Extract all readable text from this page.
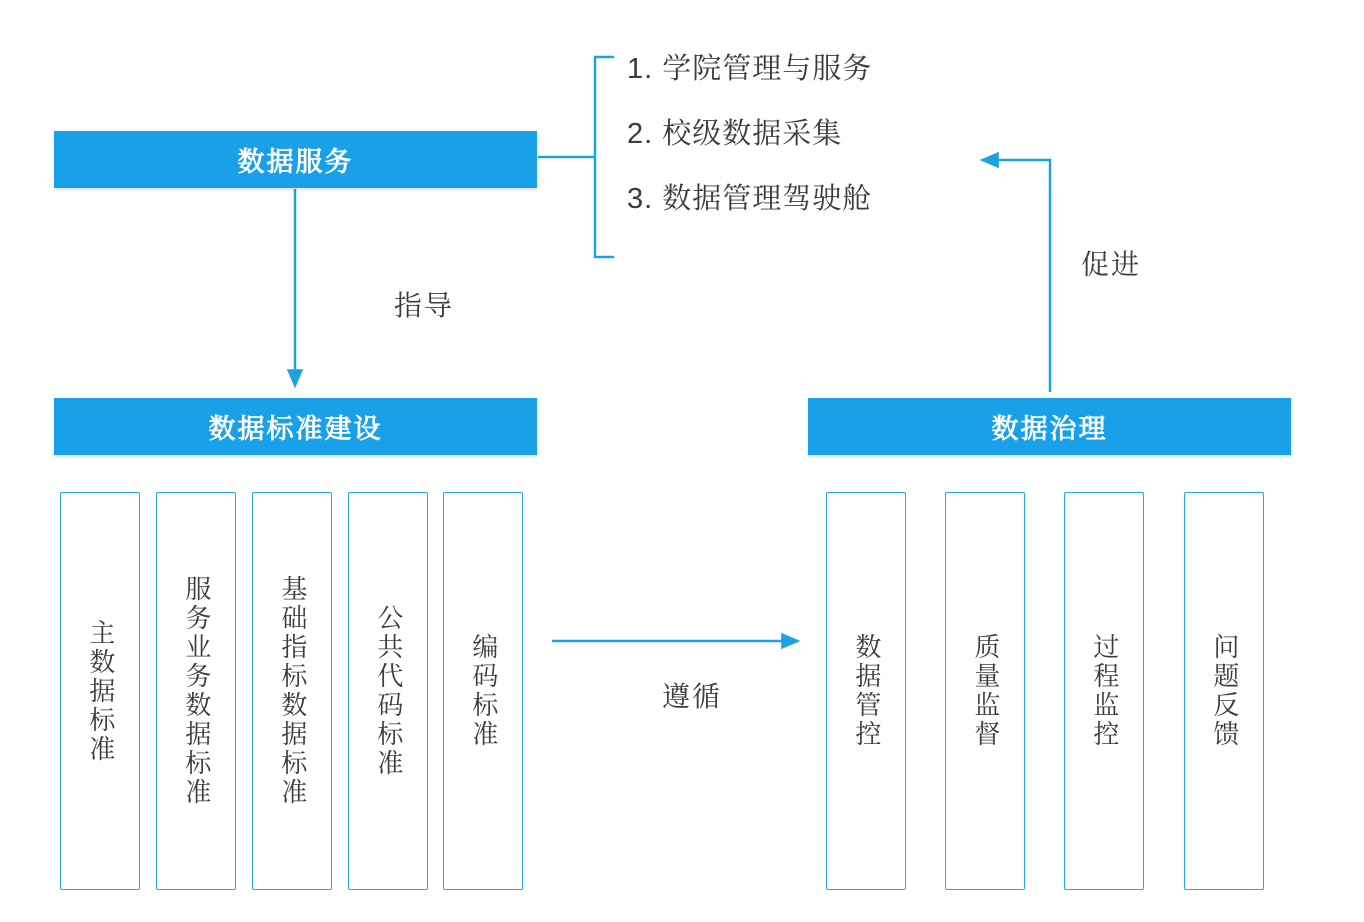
数据服务
1. 学院管理与服务
2. 校级数据采集
3. 数据管理驾驶舱
指导
促进
遵循
数据标准建设	数据治理
主数据标准	服务业务数据标准	基础指标数据标准	公共代码标准	编码标准	数据管控	质量监督	过程监控	问题反馈
